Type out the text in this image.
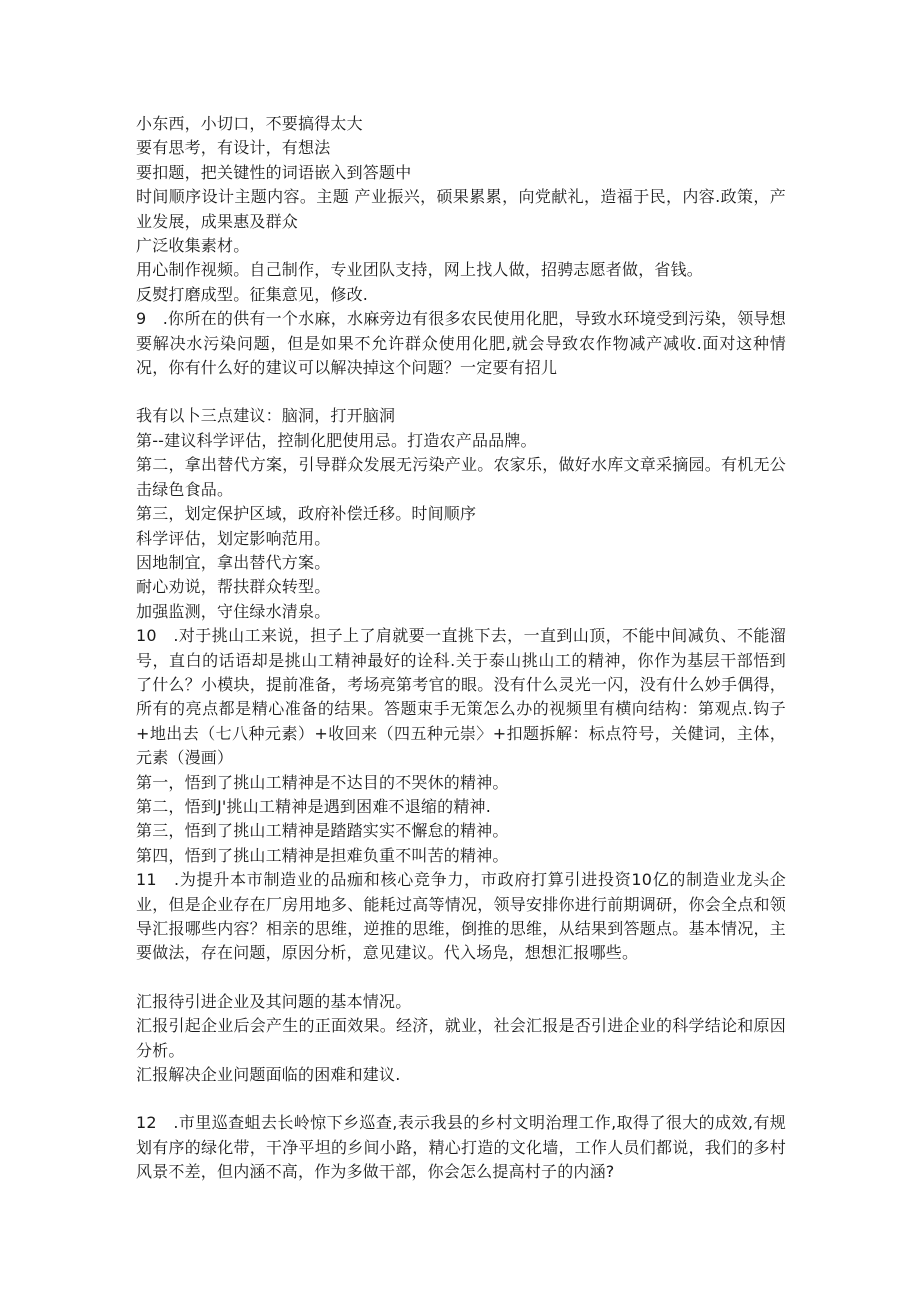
小东西，小切口，不要搞得太大
要有思考，有设计，有想法
要扣题，把关键性的词语嵌入到答题中
时间顺序设计主题内容。主题 产业振兴，硕果累累，向党献礼，造福于民，内容.政策，产业发展，成果惠及群众
广泛收集素材。
用心制作视频。自己制作，专业团队支持，网上找人做，招骋志愿者做，省钱。
反熨打磨成型。征集意见，修改.
9　.你所在的供有一个水麻，水麻旁边有很多农民使用化肥，导致水环境受到污染，领导想要解决水污染问题，但是如果不允许群众使用化肥,就会导致农作物减产减收.面对这种情况，你有什么好的建议可以解决掉这个问题？一定要有招儿
我有以卜三点建议：脑洞，打开脑洞
第--建议科学评估，控制化肥使用忌。打造农产品品牌。
第二，拿出替代方案，引导群众发展无污染产业。农家乐，做好水库文章采摘园。有机无公击绿色食品。
第三，划定保护区域，政府补偿迁移。时间顺序
科学评估，划定影响范用。
因地制宜，拿出替代方案。
耐心劝说，帮扶群众转型。
加强监测，守住绿水清泉。
10　.对于挑山工来说，担子上了肩就要一直挑下去，一直到山顶，不能中间减负、不能溜号，直白的话语却是挑山工精神最好的诠科.关于泰山挑山工的精神，你作为基层干部悟到了什么？小模块，提前准备，考场亮第考官的眼。没有什么灵光一闪，没有什么妙手偶得，所有的亮点都是精心准备的结果。答题束手无策怎么办的视频里有横向结构：第观点.钩子+地出去（七八种元素）+收回来（四五种元崇〉+扣题拆解：标点符号，关健词，主体，元素（漫画）
第一，悟到了挑山工精神是不达目的不哭休的精神。
第二，悟到J'挑山工精神是遇到困难不退缩的精神.
第三，悟到了挑山工精神是踏踏实实不懈怠的精神。
第四，悟到了挑山工精神是担难负重不叫苦的精神。
11　.为提升本市制造业的品痂和核心竞争力，市政府打算引进投资10亿的制造业龙头企业，但是企业存在厂房用地多、能耗过高等情况，领导安排你进行前期调研，你会全点和领导汇报哪些内容？相亲的思维，逆推的思维，倒推的思维，从结果到答题点。基本情况，主要做法，存在问题，原因分析，意见建议。代入场凫，想想汇报哪些。
汇报待引进企业及其问题的基本情况。
汇报引起企业后会产生的正面效果。经济，就业，社会汇报是否引进企业的科学结论和原因分析。
汇报解决企业问题面临的困难和建议.
12　.市里巡查蛆去长岭惊下乡巡查,表示我县的乡村文明治理工作,取得了很大的成效,有规划有序的绿化带，干净平坦的乡间小路，精心打造的文化墙，工作人员们都说，我们的多村风景不差，但内涵不高，作为多做干部，你会怎么提高村子的内涵?
